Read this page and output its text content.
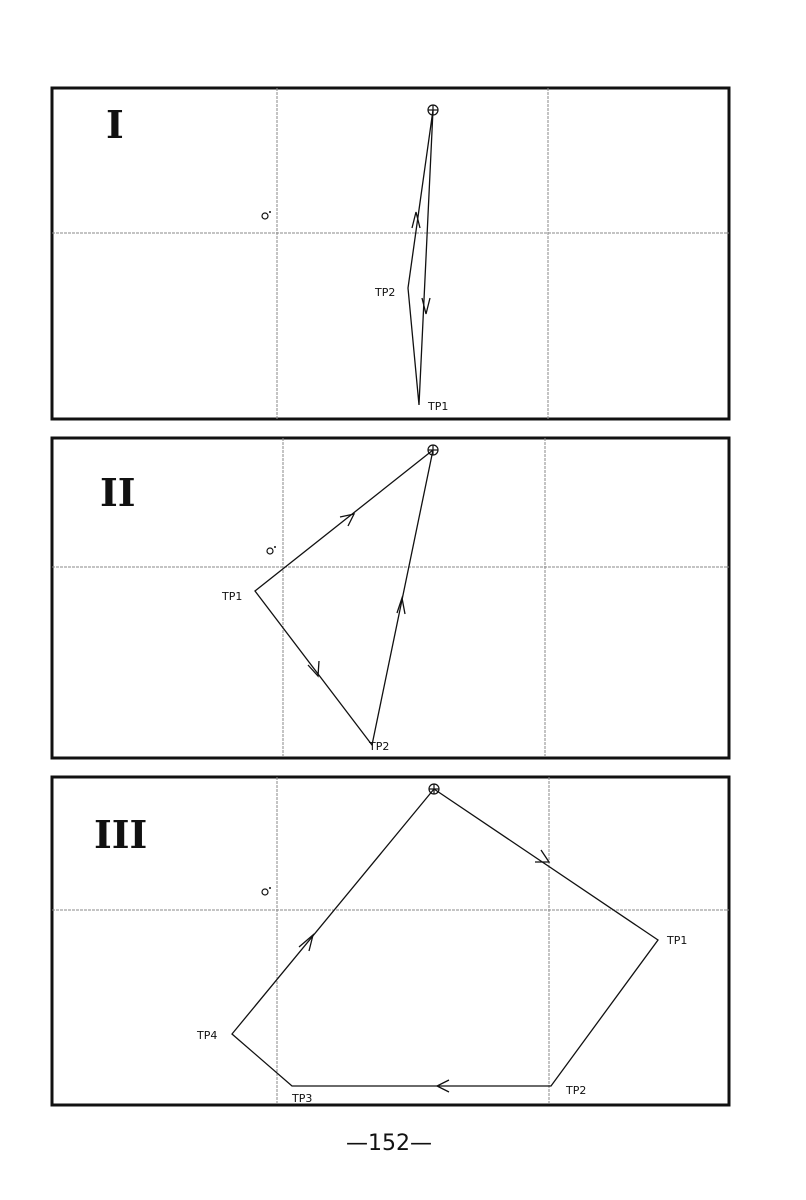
I
TP2
TP1
II
TP1
TP2
III
TP1
TP2
TP3
TP4
—152—
